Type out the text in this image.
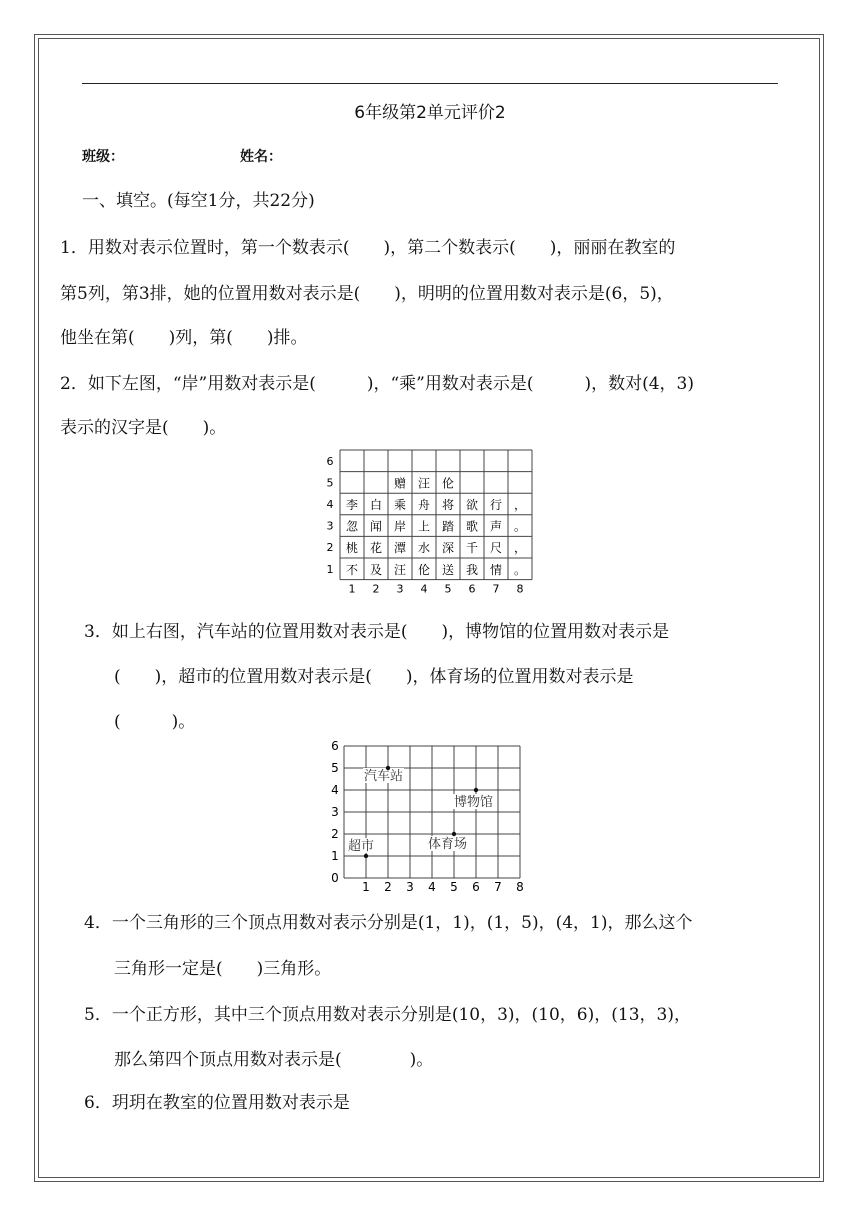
6年级第2单元评价2
班级：	姓名：
一、填空。(每空1分，共22分)
1．用数对表示位置时，第一个数表示(　　)，第二个数表示(　　)，丽丽在教室的
第5列，第3排，她的位置用数对表示是(　　)，明明的位置用数对表示是(6，5)，
他坐在第(　　)列，第(　　)排。
2．如下左图，“岸”用数对表示是(　　　)，“乘”用数对表示是(　　　)，数对(4，3)
表示的汉字是(　　)。
1
2
3
4
5
6
1 2 3 4 5 6 7 8
赠 汪 伦
李 白 乘 舟 将 欲 行 ，
忽 闻 岸 上 踏 歌 声 。
桃 花 潭 水 深 千 尺 ，
不 及 汪 伦 送 我 情 。
3．如上右图，汽车站的位置用数对表示是(　　)，博物馆的位置用数对表示是
(　　)，超市的位置用数对表示是(　　)，体育场的位置用数对表示是
(　　　)。
0
1
2
3
4
5
6
1 2 3 4 5 6 7 8
汽车站
博物馆
超市	体育场
4．一个三角形的三个顶点用数对表示分别是(1，1)，(1，5)，(4，1)，那么这个
三角形一定是(　　)三角形。
5．一个正方形，其中三个顶点用数对表示分别是(10，3)，(10，6)，(13，3)，
那么第四个顶点用数对表示是(　　　　)。
6．玥玥在教室的位置用数对表示是
